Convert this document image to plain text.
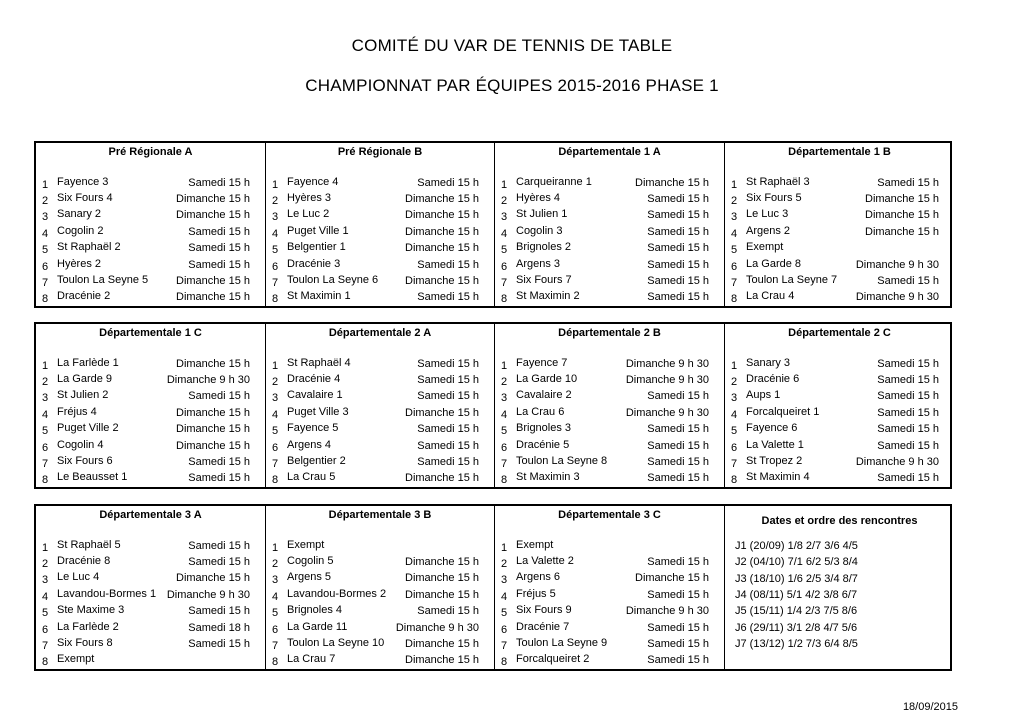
COMITÉ DU VAR DE TENNIS DE TABLE
CHAMPIONNAT PAR ÉQUIPES 2015-2016 PHASE 1
Pré Régionale A
1 Fayence 3	Samedi 15 h
2 Six Fours 4	Dimanche 15 h
3 Sanary 2	Dimanche 15 h
4 Cogolin 2	Samedi 15 h
5 St Raphaël 2	Samedi 15 h
6 Hyères 2	Samedi 15 h
7 Toulon La Seyne 5	Dimanche 15 h
8 Dracénie 2	Dimanche 15 h
Pré Régionale B
1 Fayence 4	Samedi 15 h
2 Hyères 3	Dimanche 15 h
3 Le Luc 2	Dimanche 15 h
4 Puget Ville 1	Dimanche 15 h
5 Belgentier 1	Dimanche 15 h
6 Dracénie 3	Samedi 15 h
7 Toulon La Seyne 6	Dimanche 15 h
8 St Maximin 1	Samedi 15 h
Départementale 1 A
1 Carqueiranne 1	Dimanche 15 h
2 Hyères 4	Samedi 15 h
3 St Julien 1	Samedi 15 h
4 Cogolin 3	Samedi 15 h
5 Brignoles 2	Samedi 15 h
6 Argens 3	Samedi 15 h
7 Six Fours 7	Samedi 15 h
8 St Maximin 2	Samedi 15 h
Départementale 1 B
1 St Raphaël 3	Samedi 15 h
2 Six Fours 5	Dimanche 15 h
3 Le Luc 3	Dimanche 15 h
4 Argens 2	Dimanche 15 h
5 Exempt
6 La Garde 8	Dimanche 9 h 30
7 Toulon La Seyne 7	Samedi 15 h
8 La Crau 4	Dimanche 9 h 30
Départementale 1 C
1 La Farlède 1	Dimanche 15 h
2 La Garde 9	Dimanche 9 h 30
3 St Julien 2	Samedi 15 h
4 Fréjus 4	Dimanche 15 h
5 Puget Ville 2	Dimanche 15 h
6 Cogolin 4	Dimanche 15 h
7 Six Fours 6	Samedi 15 h
8 Le Beausset 1	Samedi 15 h
Départementale 2 A
1 St Raphaël 4	Samedi 15 h
2 Dracénie 4	Samedi 15 h
3 Cavalaire 1	Samedi 15 h
4 Puget Ville 3	Dimanche 15 h
5 Fayence 5	Samedi 15 h
6 Argens 4	Samedi 15 h
7 Belgentier 2	Samedi 15 h
8 La Crau 5	Dimanche 15 h
Départementale 2 B
1 Fayence 7	Dimanche 9 h 30
2 La Garde 10	Dimanche 9 h 30
3 Cavalaire 2	Samedi 15 h
4 La Crau 6	Dimanche 9 h 30
5 Brignoles 3	Samedi 15 h
6 Dracénie 5	Samedi 15 h
7 Toulon La Seyne 8	Samedi 15 h
8 St Maximin 3	Samedi 15 h
Départementale 2 C
1 Sanary 3	Samedi 15 h
2 Dracénie 6	Samedi 15 h
3 Aups 1	Samedi 15 h
4 Forcalqueiret 1	Samedi 15 h
5 Fayence 6	Samedi 15 h
6 La Valette 1	Samedi 15 h
7 St Tropez 2	Dimanche 9 h 30
8 St Maximin 4	Samedi 15 h
Départementale 3 A
1 St Raphaël 5	Samedi 15 h
2 Dracénie 8	Samedi 15 h
3 Le Luc 4	Dimanche 15 h
4 Lavandou-Bormes 1 Dimanche 9 h 30
5 Ste Maxime 3	Samedi 15 h
6 La Farlède 2	Samedi 18 h
7 Six Fours 8	Samedi 15 h
8 Exempt
Départementale 3 B
1 Exempt
2 Cogolin 5	Dimanche 15 h
3 Argens 5	Dimanche 15 h
4 Lavandou-Bormes 2	Dimanche 15 h
5 Brignoles 4	Samedi 15 h
6 La Garde 11	Dimanche 9 h 30
7 Toulon La Seyne 10	Dimanche 15 h
8 La Crau 7	Dimanche 15 h
Départementale 3 C
1 Exempt
2 La Valette 2	Samedi 15 h
3 Argens 6	Dimanche 15 h
4 Fréjus 5	Samedi 15 h
5 Six Fours 9	Dimanche 9 h 30
6 Dracénie 7	Samedi 15 h
7 Toulon La Seyne 9	Samedi 15 h
8 Forcalqueiret 2	Samedi 15 h
Dates et ordre des rencontres
J1 (20/09) 1/8 2/7 3/6 4/5
J2 (04/10) 7/1 6/2 5/3 8/4
J3 (18/10) 1/6 2/5 3/4 8/7
J4 (08/11) 5/1 4/2 3/8 6/7
J5 (15/11) 1/4 2/3 7/5 8/6
J6 (29/11) 3/1 2/8 4/7 5/6
J7 (13/12) 1/2 7/3 6/4 8/5
18/09/2015
